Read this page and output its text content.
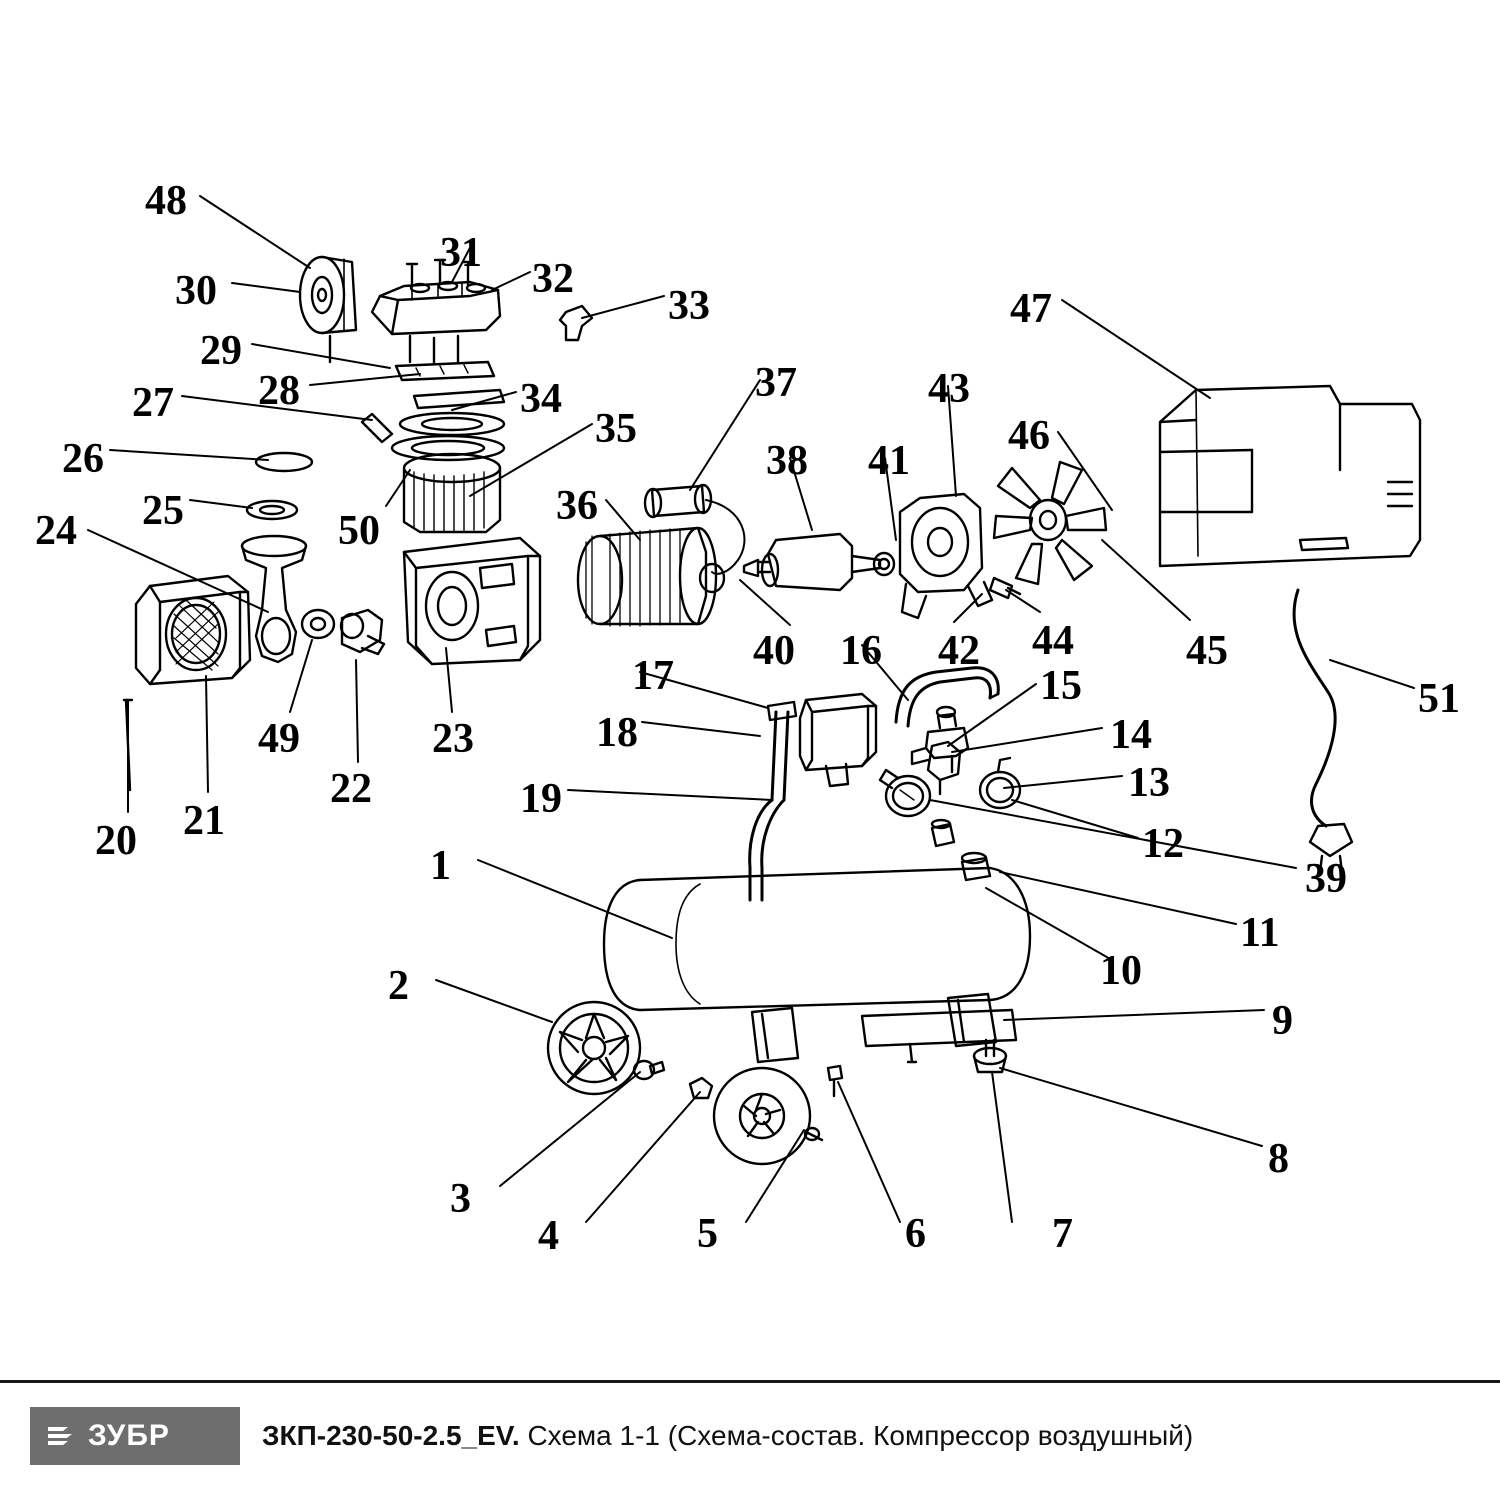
1
2
3
4	5	6	7
8
9
10
11
12
13
14
15
16
17
18
19
20 21
22
23
24 25
26
27 28
29
30
31
32
33
34
35
36
37
38
39
40
41
42
43
44	45
46
47
48
49
50
51
ЗУБР	ЗКП-230-50-2.5_EV. Схема 1-1 (Схема-состав. Компрессор воздушный)
